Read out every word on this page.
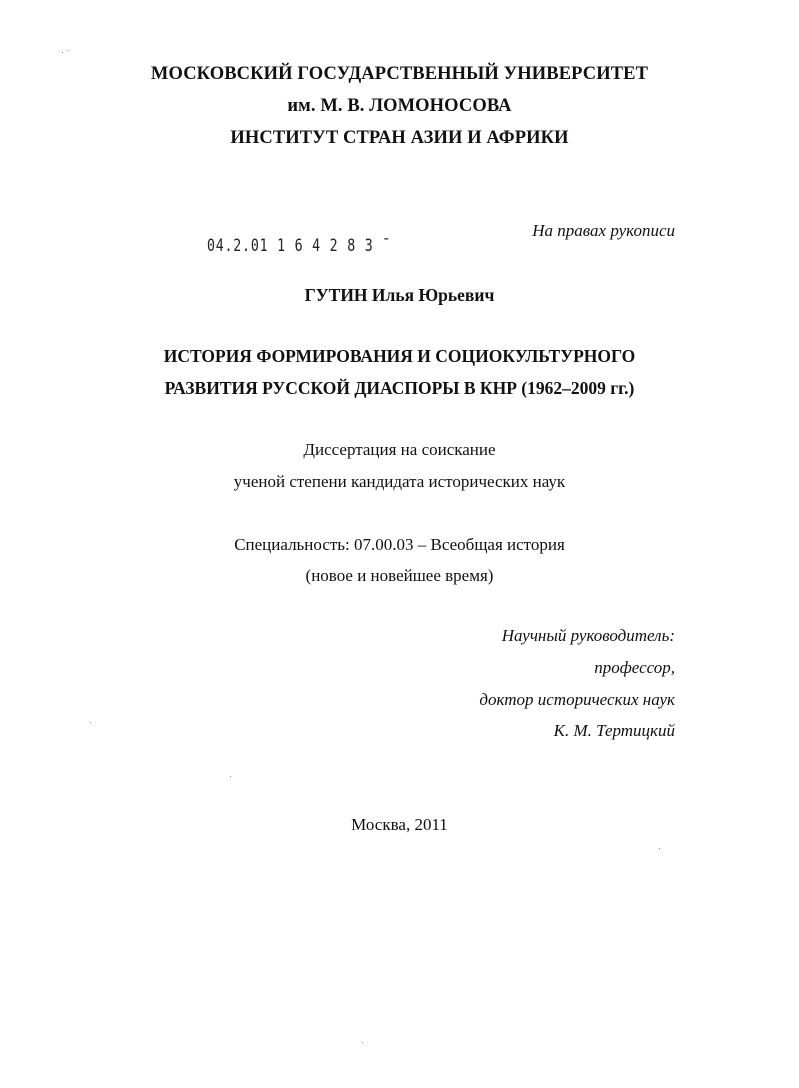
МОСКОВСКИЙ ГОСУДАРСТВЕННЫЙ УНИВЕРСИТЕТ
им. М. В. ЛОМОНОСОВА
ИНСТИТУТ СТРАН АЗИИ И АФРИКИ
На правах рукописи
04.2.01 1 6 4 2 8 3 ¯
ГУТИН Илья Юрьевич
ИСТОРИЯ ФОРМИРОВАНИЯ И СОЦИОКУЛЬТУРНОГО
РАЗВИТИЯ РУССКОЙ ДИАСПОРЫ В КНР (1962–2009 гг.)
Диссертация на соискание
ученой степени кандидата исторических наук
Специальность: 07.00.03 – Всеобщая история
(новое и новейшее время)
Научный руководитель:
профессор,
доктор исторических наук
К. М. Тертицкий
Москва, 2011
